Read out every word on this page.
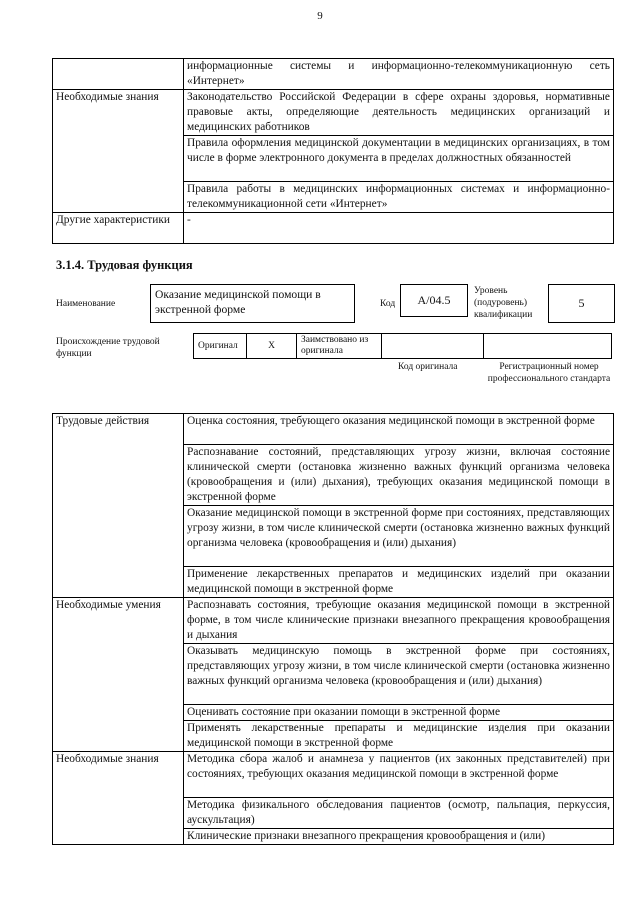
9
	информационные системы и информационно-телекоммуникационную сеть «Интернет»
Необходимые знания	Законодательство Российской Федерации в сфере охраны здоровья, нормативные правовые акты, определяющие деятельность медицинских организаций и медицинских работников
	Правила оформления медицинской документации в медицинских организациях, в том числе в форме электронного документа в пределах должностных обязанностей
	Правила работы в медицинских информационных системах и информационно-телекоммуникационной сети «Интернет»
Другие характеристики	-
3.1.4. Трудовая функция
Наименование
Оказание медицинской помощи в экстренной форме	Код	A/04.5
Уровень (подуровень) квалификации
5
Происхождение трудовой функции
Оригинал	X	Заимствовано из оригинала		
Код оригинала	Регистрационный номер профессионального стандарта
Трудовые действия	Оценка состояния, требующего оказания медицинской помощи в экстренной форме
	Распознавание состояний, представляющих угрозу жизни, включая состояние клинической смерти (остановка жизненно важных функций организма человека (кровообращения и (или) дыхания), требующих оказания медицинской помощи в экстренной форме
	Оказание медицинской помощи в экстренной форме при состояниях, представляющих угрозу жизни, в том числе клинической смерти (остановка жизненно важных функций организма человека (кровообращения и (или) дыхания)
	Применение лекарственных препаратов и медицинских изделий при оказании медицинской помощи в экстренной форме
Необходимые умения	Распознавать состояния, требующие оказания медицинской помощи в экстренной форме, в том числе клинические признаки внезапного прекращения кровообращения и дыхания
	Оказывать медицинскую помощь в экстренной форме при состояниях, представляющих угрозу жизни, в том числе клинической смерти (остановка жизненно важных функций организма человека (кровообращения и (или) дыхания)
	Оценивать состояние при оказании помощи в экстренной форме
	Применять лекарственные препараты и медицинские изделия при оказании медицинской помощи в экстренной форме
Необходимые знания	Методика сбора жалоб и анамнеза у пациентов (их законных представителей) при состояниях, требующих оказания медицинской помощи в экстренной форме
	Методика физикального обследования пациентов (осмотр, пальпация, перкуссия, аускультация)
	Клинические признаки внезапного прекращения кровообращения и (или)
